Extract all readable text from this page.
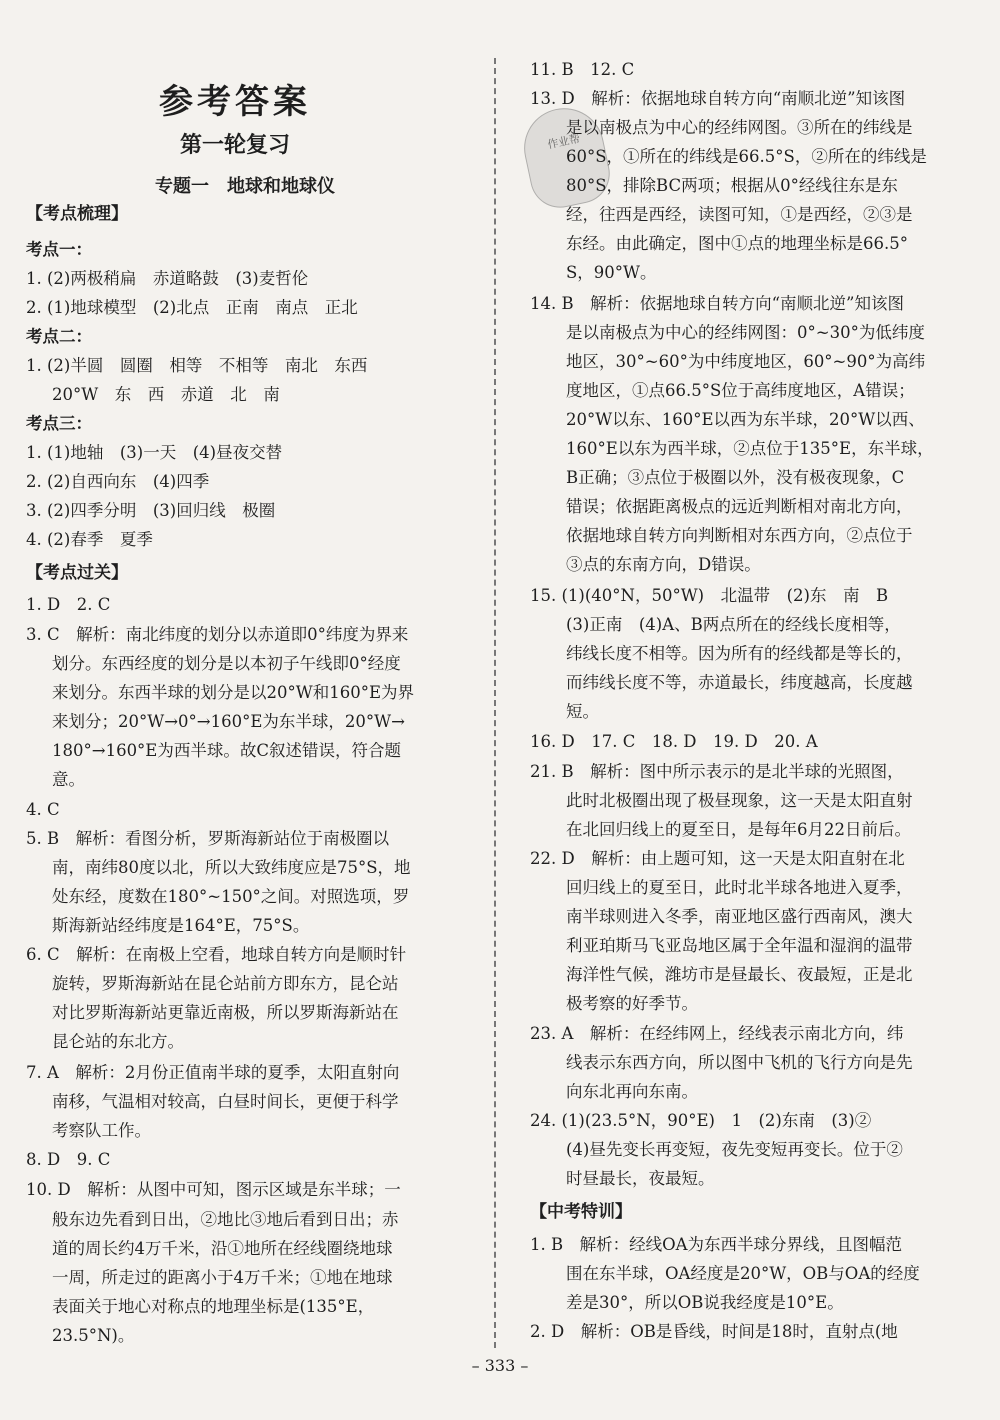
参考答案
第一轮复习
专题一　地球和地球仪
作业帮
【考点梳理】
考点一：
1. (2)两极稍扁　赤道略鼓　(3)麦哲伦
2. (1)地球模型　(2)北点　正南　南点　正北
考点二：
1. (2)半圆　圆圈　相等　不相等　南北　东西
20°W　东　西　赤道　北　南
考点三：
1. (1)地轴　(3)一天　(4)昼夜交替
2. (2)自西向东　(4)四季
3. (2)四季分明　(3)回归线　极圈
4. (2)春季　夏季
【考点过关】
1. D　2. C
3. C　解析：南北纬度的划分以赤道即0°纬度为界来
划分。东西经度的划分是以本初子午线即0°经度
来划分。东西半球的划分是以20°W和160°E为界
来划分；20°W→0°→160°E为东半球，20°W→
180°→160°E为西半球。故C叙述错误，符合题
意。
4. C
5. B　解析：看图分析，罗斯海新站位于南极圈以
南，南纬80度以北，所以大致纬度应是75°S，地
处东经，度数在180°~150°之间。对照选项，罗
斯海新站经纬度是164°E，75°S。
6. C　解析：在南极上空看，地球自转方向是顺时针
旋转，罗斯海新站在昆仑站前方即东方，昆仑站
对比罗斯海新站更靠近南极，所以罗斯海新站在
昆仑站的东北方。
7. A　解析：2月份正值南半球的夏季，太阳直射向
南移，气温相对较高，白昼时间长，更便于科学
考察队工作。
8. D　9. C
10. D　解析：从图中可知，图示区域是东半球；一
般东边先看到日出，②地比③地后看到日出；赤
道的周长约4万千米，沿①地所在经线圈绕地球
一周，所走过的距离小于4万千米；①地在地球
表面关于地心对称点的地理坐标是(135°E，
23.5°N)。
11. B　12. C
13. D　解析：依据地球自转方向“南顺北逆”知该图
是以南极点为中心的经纬网图。③所在的纬线是
60°S，①所在的纬线是66.5°S，②所在的纬线是
80°S，排除BC两项；根据从0°经线往东是东
经，往西是西经，读图可知，①是西经，②③是
东经。由此确定，图中①点的地理坐标是66.5°
S，90°W。
14. B　解析：依据地球自转方向“南顺北逆”知该图
是以南极点为中心的经纬网图：0°~30°为低纬度
地区，30°~60°为中纬度地区，60°~90°为高纬
度地区，①点66.5°S位于高纬度地区，A错误；
20°W以东、160°E以西为东半球，20°W以西、
160°E以东为西半球，②点位于135°E，东半球，
B正确；③点位于极圈以外，没有极夜现象，C
错误；依据距离极点的远近判断相对南北方向，
依据地球自转方向判断相对东西方向，②点位于
③点的东南方向，D错误。
15. (1)(40°N，50°W)　北温带　(2)东　南　B
(3)正南　(4)A、B两点所在的经线长度相等，
纬线长度不相等。因为所有的经线都是等长的，
而纬线长度不等，赤道最长，纬度越高，长度越
短。
16. D　17. C　18. D　19. D　20. A
21. B　解析：图中所示表示的是北半球的光照图，
此时北极圈出现了极昼现象，这一天是太阳直射
在北回归线上的夏至日，是每年6月22日前后。
22. D　解析：由上题可知，这一天是太阳直射在北
回归线上的夏至日，此时北半球各地进入夏季，
南半球则进入冬季，南亚地区盛行西南风，澳大
利亚珀斯马飞亚岛地区属于全年温和湿润的温带
海洋性气候，潍坊市是昼最长、夜最短，正是北
极考察的好季节。
23. A　解析：在经纬网上，经线表示南北方向，纬
线表示东西方向，所以图中飞机的飞行方向是先
向东北再向东南。
24. (1)(23.5°N，90°E)　1　(2)东南　(3)②
(4)昼先变长再变短，夜先变短再变长。位于②
时昼最长，夜最短。
【中考特训】
1. B　解析：经线OA为东西半球分界线，且图幅范
围在东半球，OA经度是20°W，OB与OA的经度
差是30°，所以OB说我经度是10°E。
2. D　解析：OB是昏线，时间是18时，直射点(地
– 333 –
